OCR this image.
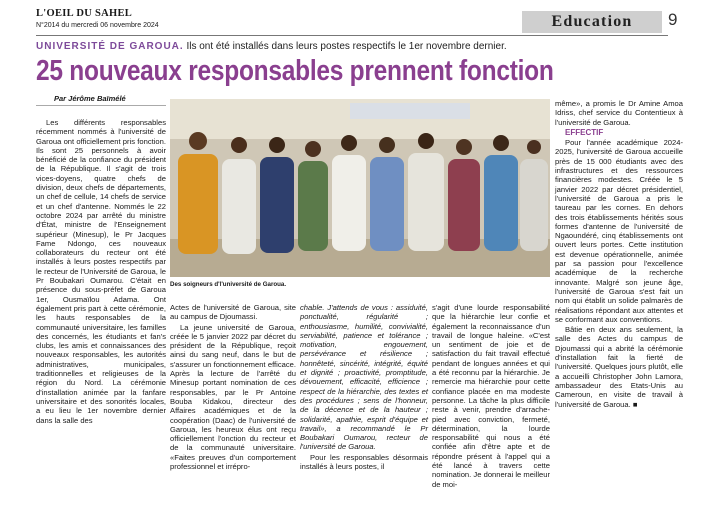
L'OEIL DU SAHEL
N°2014 du mercredi 06 novembre 2024	Education	9
UNIVERSITÉ DE GAROUA. Ils ont été installés dans leurs postes respectifs le 1er novembre dernier.
25 nouveaux responsables prennent fonction
Par Jérôme Baïmélé

Les différents responsables récemment nommés à l'université de Garoua ont officiellement pris fonction. Ils sont 25 personnels à avoir bénéficié de la confiance du président de la République. Il s'agit de trois vices-doyens, quatre chefs de division, deux chefs de départements, un chef de cellule, 14 chefs de service et un chef d'antenne. Nommés le 22 octobre 2024 par arrêté du ministre d'État, ministre de l'Enseignement supérieur (Minesup), le Pr Jacques Fame Ndongo, ces nouveaux collaborateurs du recteur ont été installés à leurs postes respectifs par le recteur de l'Université de Garoua, le Pr Boubakari Oumarou. C'était en présence du sous-préfet de Garoua 1er, Ousmaïlou Adama. Ont également pris part à cette cérémonie, les hauts responsables de la communauté universitaire, les familles des concernés, les étudiants et fan's clubs, les amis et connaissances des nouveaux responsables, les autorités administratives, municipales, traditionnelles et religieuses de la région du Nord. La cérémonie d'installation animée par la fanfare universitaire et des sonorités locales, a eu lieu le 1er novembre dernier dans la salle des

Des soigneurs d'l'université de Garoua.

Actes de l'université de Garoua, site au campus de Djoumassi.

La jeune université de Garoua, créée le 5 janvier 2022 par décret du président de la République, reçoit ainsi du sang neuf, dans le but de s'assurer un fonctionnement efficace. Après la lecture de l'arrêté du Minesup portant nomination de ces responsables, par le Pr Antoine Bouba Kidakou, directeur des Affaires académiques et de la coopération (Daac) de l'université de Garoua, les heureux élus ont reçu officiellement l'onction du recteur et de la communauté universitaire. «Faites preuves d'un comportement professionnel et irrépro-

chable. J'attends de vous : assiduité, ponctualité, régularité ; enthousiasme, humilité, convivialité, serviabilité, patience et tolérance ; motivation, engouement, persévérance et résilience ; honnêteté, sincérité, intégrité, équité et dignité ; proactivité, promptitude, dévouement, efficacité, efficience ; respect de la hiérarchie, des textes et des procédures ; sens de l'honneur, de la décence et de la hauteur ; solidarité, apathie, esprit d'équipe et travail», a recommandé le Pr Boubakari Oumarou, recteur de l'université de Garoua.

Pour les responsables désormais installés à leurs postes, il

s'agit d'une lourde responsabilité que la hiérarchie leur confie et également la reconnaissance d'un travail de longue haleine. «C'est un sentiment de joie et de satisfaction du fait travail effectué pendant de longues années et qui a été reconnu par la hiérarchie. Je remercie ma hiérarchie pour cette confiance placée en ma modeste personne. La tâche la plus difficile reste à venir, prendre d'arrache-pied avec conviction, fermeté, détermination, la lourde responsabilité qui nous a été confiée afin d'être apte et de répondre présent à l'appel qui a été lancé à travers cette nomination. Je donnerai le meilleur de moi-

même», a promis le Dr Amine Amoa Idriss, chef service du Contentieux à l'université de Garoua.

EFFECTIF

Pour l'année académique 2024-2025, l'université de Garoua accueille près de 15 000 étudiants avec des infrastructures et des ressources financières modestes. Créée le 5 janvier 2022 par décret présidentiel, l'université de Garoua a pris le taureau par les cornes. En dehors des trois établissements hérités sous formes d'antenne de l'université de Ngaoundéré, cinq établissements ont ouvert leurs portes. Cette institution est devenue opérationnelle, animée par sa passion pour l'excellence académique de la recherche innovante. Malgré son jeune âge, l'université de Garoua s'est fait un nom qui établit un solide palmarès de réalisations répondant aux attentes et se conformant aux conventions.

Bâtie en deux ans seulement, la salle des Actes du campus de Djoumassi qui a abrité la cérémonie d'installation fait la fierté de l'université. Quelques jours plutôt, elle a accueilli Christopher John Lamora, ambassadeur des Etats-Unis au Cameroun, en visite de travail à l'université de Garoua. ■
